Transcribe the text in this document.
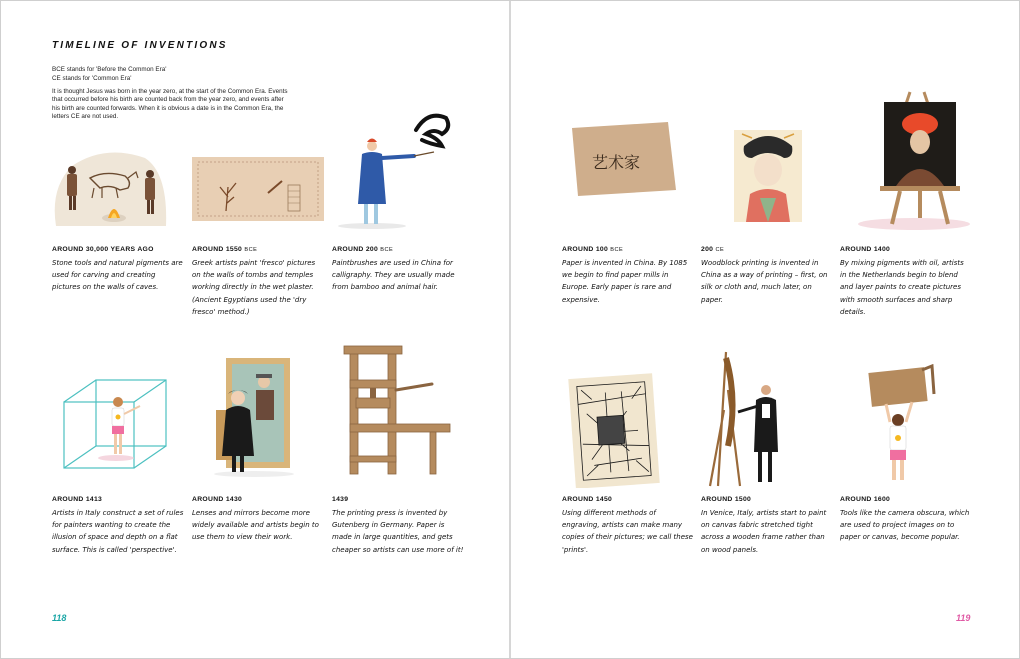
TIMELINE OF INVENTIONS
BCE stands for 'Before the Common Era'
CE stands for 'Common Era'
It is thought Jesus was born in the year zero, at the start of the Common Era. Events that occurred before his birth are counted back from the year zero, and events after his birth are counted forwards. When it is obvious a date is in the Common Era, the letters CE are not used.
AROUND 30,000 YEARS AGO
Stone tools and natural pigments are used for carving and creating pictures on the walls of caves.
AROUND 1550 BCE
Greek artists paint 'fresco' pictures on the walls of tombs and temples working directly in the wet plaster. (Ancient Egyptians used the 'dry fresco' method.)
AROUND 200 BCE
Paintbrushes are used in China for calligraphy. They are usually made from bamboo and animal hair.
AROUND 1413
Artists in Italy construct a set of rules for painters wanting to create the illusion of space and depth on a flat surface. This is called 'perspective'.
AROUND 1430
Lenses and mirrors become more widely available and artists begin to use them to view their work.
1439
The printing press is invented by Gutenberg in Germany. Paper is made in large quantities, and gets cheaper so artists can use more of it!
118
艺术家
AROUND 100 BCE
Paper is invented in China. By 1085 we begin to find paper mills in Europe. Early paper is rare and expensive.
200 CE
Woodblock printing is invented in China as a way of printing – first, on silk or cloth and, much later, on paper.
AROUND 1400
By mixing pigments with oil, artists in the Netherlands begin to blend and layer paints to create pictures with smooth surfaces and sharp details.
AROUND 1450
Using different methods of engraving, artists can make many copies of their pictures; we call these 'prints'.
AROUND 1500
In Venice, Italy, artists start to paint on canvas fabric stretched tight across a wooden frame rather than on wood panels.
AROUND 1600
Tools like the camera obscura, which are used to project images on to paper or canvas, become popular.
119
